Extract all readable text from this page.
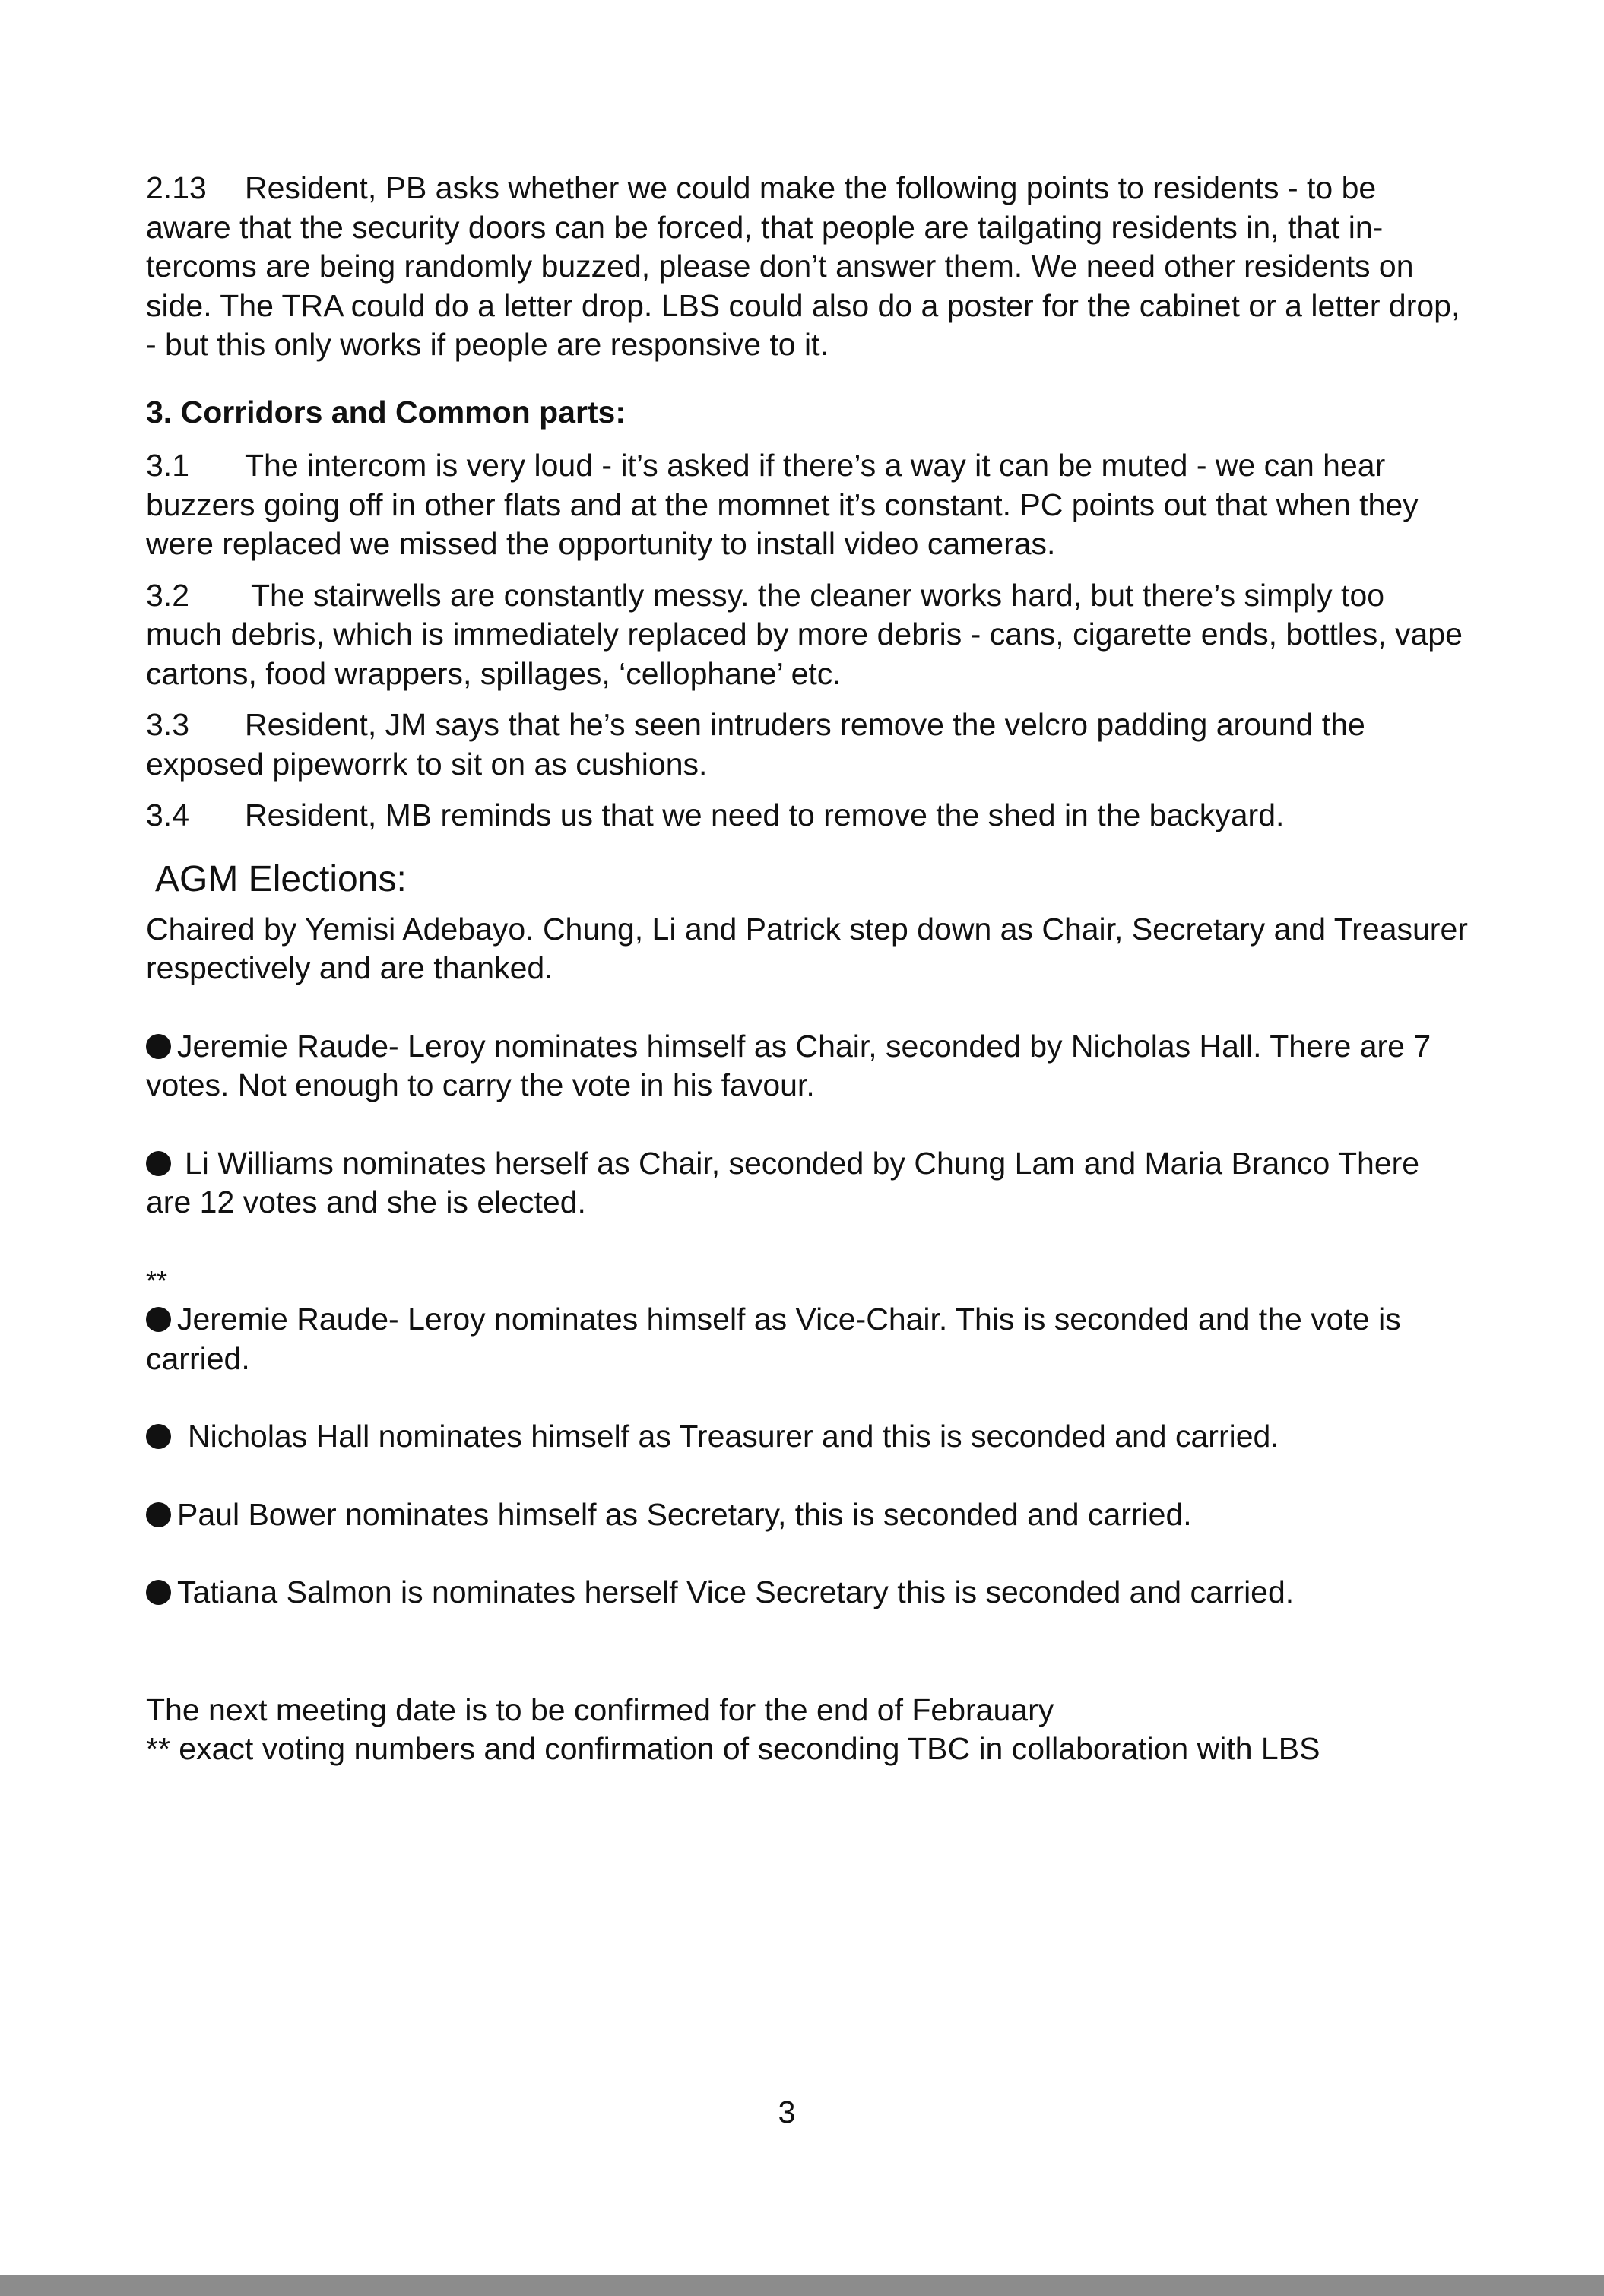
2.13 Resident, PB asks whether we could make the following points to residents - to be aware that the security doors can be forced, that people are tailgating residents in, that in-tercoms are being randomly buzzed, please don’t answer them. We need other residents on side. The TRA could do a letter drop. LBS could also do a poster for the cabinet or a letter drop, - but this only works if people are responsive to it.

3. Corridors and Common parts:

3.1 The intercom is very loud - it’s asked if there’s a way it can be muted - we can hear buzzers going off in other flats and at the momnet it’s constant. PC points out that when they were replaced we missed the opportunity to install video cameras.

3.2 The stairwells are constantly messy. the cleaner works hard, but there’s simply too much debris, which is immediately replaced by more debris - cans, cigarette ends, bottles, vape cartons, food wrappers, spillages, ‘cellophane’ etc.

3.3 Resident, JM says that he’s seen intruders remove the velcro padding around the exposed pipeworrk to sit on as cushions.

3.4 Resident, MB reminds us that we need to remove the shed in the backyard.

AGM Elections:

Chaired by Yemisi Adebayo. Chung, Li and Patrick step down as Chair, Secretary and Treasurer respectively and are thanked.

Jeremie Raude- Leroy nominates himself as Chair, seconded by Nicholas Hall. There are 7 votes. Not enough to carry the vote in his favour.

Li Williams nominates herself as Chair, seconded by Chung Lam and Maria Branco There are 12 votes and she is elected.

**

Jeremie Raude- Leroy nominates himself as Vice-Chair. This is seconded and the vote is carried.

Nicholas Hall nominates himself as Treasurer and this is seconded and carried.

Paul Bower nominates himself as Secretary, this is seconded and carried.

Tatiana Salmon is nominates herself Vice Secretary this is seconded and carried.

The next meeting date is to be confirmed for the end of Febrauary

** exact voting numbers and confirmation of seconding TBC in collaboration with LBS

3
